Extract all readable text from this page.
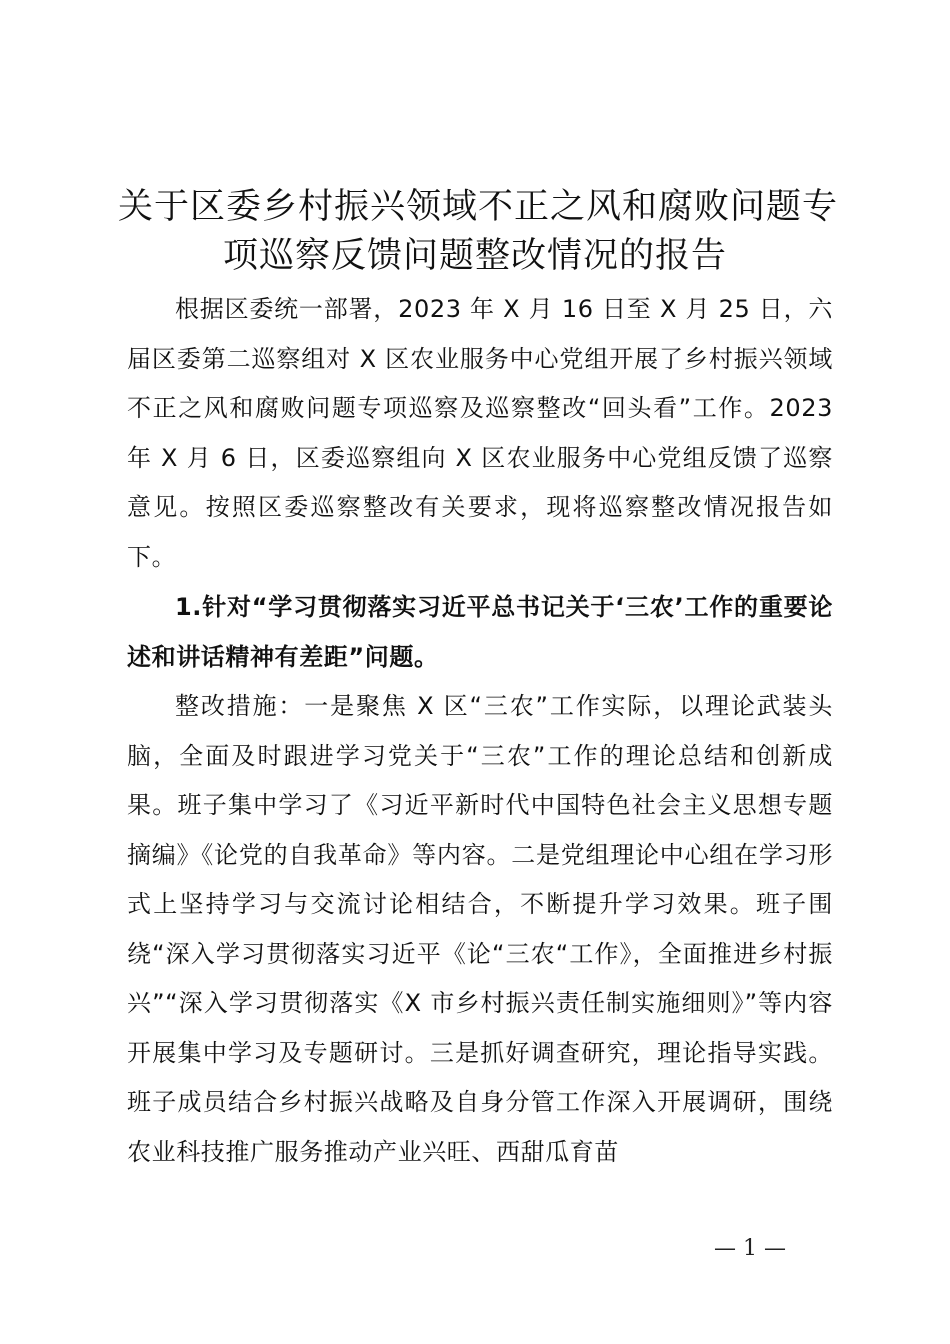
关于区委乡村振兴领域不正之风和腐败问题专
项巡察反馈问题整改情况的报告

根据区委统一部署，2023 年 X 月 16 日至 X 月 25 日，六届区委第二巡察组对 X 区农业服务中心党组开展了乡村振兴领域不正之风和腐败问题专项巡察及巡察整改“回头看”工作。2023 年 X 月 6 日，区委巡察组向 X 区农业服务中心党组反馈了巡察意见。按照区委巡察整改有关要求，现将巡察整改情况报告如下。

1.针对“学习贯彻落实习近平总书记关于‘三农’工作的重要论述和讲话精神有差距”问题。

整改措施：一是聚焦 X 区“三农”工作实际，以理论武装头脑，全面及时跟进学习党关于“三农”工作的理论总结和创新成果。班子集中学习了《习近平新时代中国特色社会主义思想专题摘编》《论党的自我革命》等内容。二是党组理论中心组在学习形式上坚持学习与交流讨论相结合，不断提升学习效果。班子围绕“深入学习贯彻落实习近平《论“三农“工作》，全面推进乡村振兴”“深入学习贯彻落实《X 市乡村振兴责任制实施细则》”等内容开展集中学习及专题研讨。三是抓好调查研究，理论指导实践。班子成员结合乡村振兴战略及自身分管工作深入开展调研，围绕农业科技推广服务推动产业兴旺、西甜瓜育苗

— 1 —
